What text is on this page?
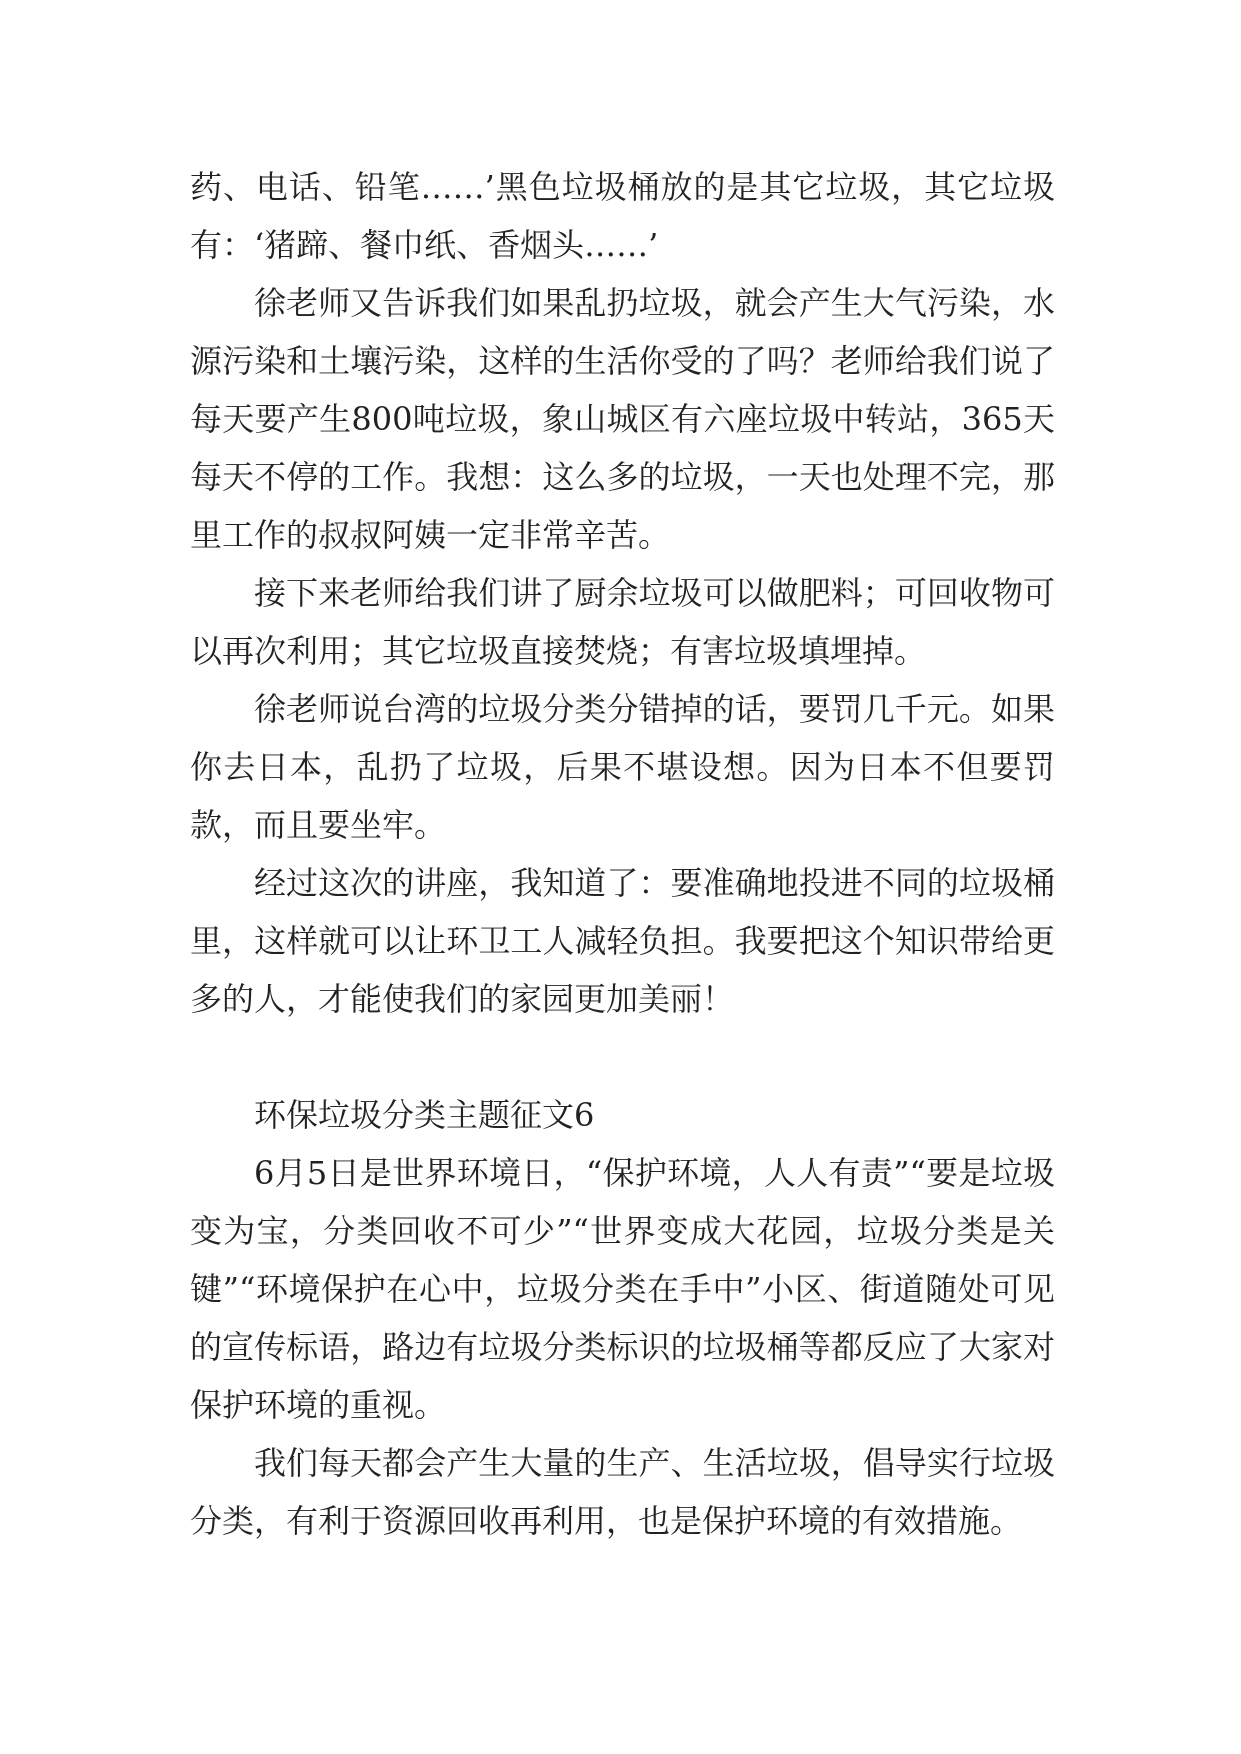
药、电话、铅笔……’黑色垃圾桶放的是其它垃圾，其它垃圾有：‘猪蹄、餐巾纸、香烟头……’

徐老师又告诉我们如果乱扔垃圾，就会产生大气污染，水源污染和土壤污染，这样的生活你受的了吗？老师给我们说了每天要产生800吨垃圾，象山城区有六座垃圾中转站，365天每天不停的工作。我想：这么多的垃圾，一天也处理不完，那里工作的叔叔阿姨一定非常辛苦。

接下来老师给我们讲了厨余垃圾可以做肥料；可回收物可以再次利用；其它垃圾直接焚烧；有害垃圾填埋掉。

徐老师说台湾的垃圾分类分错掉的话，要罚几千元。如果你去日本，乱扔了垃圾，后果不堪设想。因为日本不但要罚款，而且要坐牢。

经过这次的讲座，我知道了：要准确地投进不同的垃圾桶里，这样就可以让环卫工人减轻负担。我要把这个知识带给更多的人，才能使我们的家园更加美丽！

环保垃圾分类主题征文6

6月5日是世界环境日，“保护环境，人人有责”“要是垃圾变为宝，分类回收不可少”“世界变成大花园，垃圾分类是关键”“环境保护在心中，垃圾分类在手中”小区、街道随处可见的宣传标语，路边有垃圾分类标识的垃圾桶等都反应了大家对保护环境的重视。

我们每天都会产生大量的生产、生活垃圾，倡导实行垃圾分类，有利于资源回收再利用，也是保护环境的有效措施。
